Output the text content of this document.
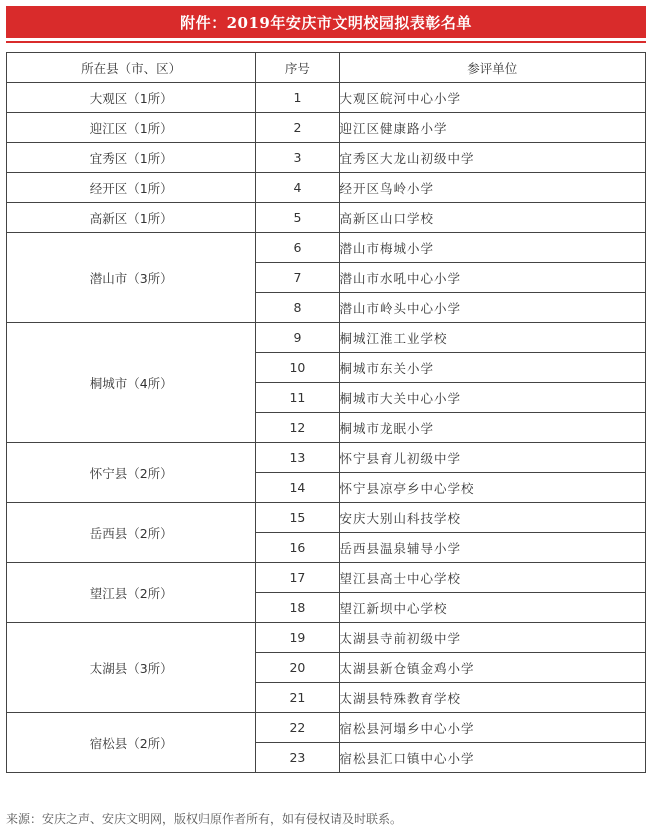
附件：2019年安庆市文明校园拟表彰名单
所在县（市、区）	序号	参评单位
大观区（1所）	1	大观区皖河中心小学
迎江区（1所）	2	迎江区健康路小学
宜秀区（1所）	3	宜秀区大龙山初级中学
经开区（1所）	4	经开区鸟岭小学
高新区（1所）	5	高新区山口学校
潜山市（3所）	6	潜山市梅城小学
	7	潜山市水吼中心小学
	8	潜山市岭头中心小学
桐城市（4所）	9	桐城江淮工业学校
	10	桐城市东关小学
	11	桐城市大关中心小学
	12	桐城市龙眠小学
怀宁县（2所）	13	怀宁县育儿初级中学
	14	怀宁县凉亭乡中心学校
岳西县（2所）	15	安庆大别山科技学校
	16	岳西县温泉辅导小学
望江县（2所）	17	望江县高士中心学校
	18	望江新坝中心学校
太湖县（3所）	19	太湖县寺前初级中学
	20	太湖县新仓镇金鸡小学
	21	太湖县特殊教育学校
宿松县（2所）	22	宿松县河塌乡中心小学
	23	宿松县汇口镇中心小学
来源：安庆之声、安庆文明网，版权归原作者所有，如有侵权请及时联系。
